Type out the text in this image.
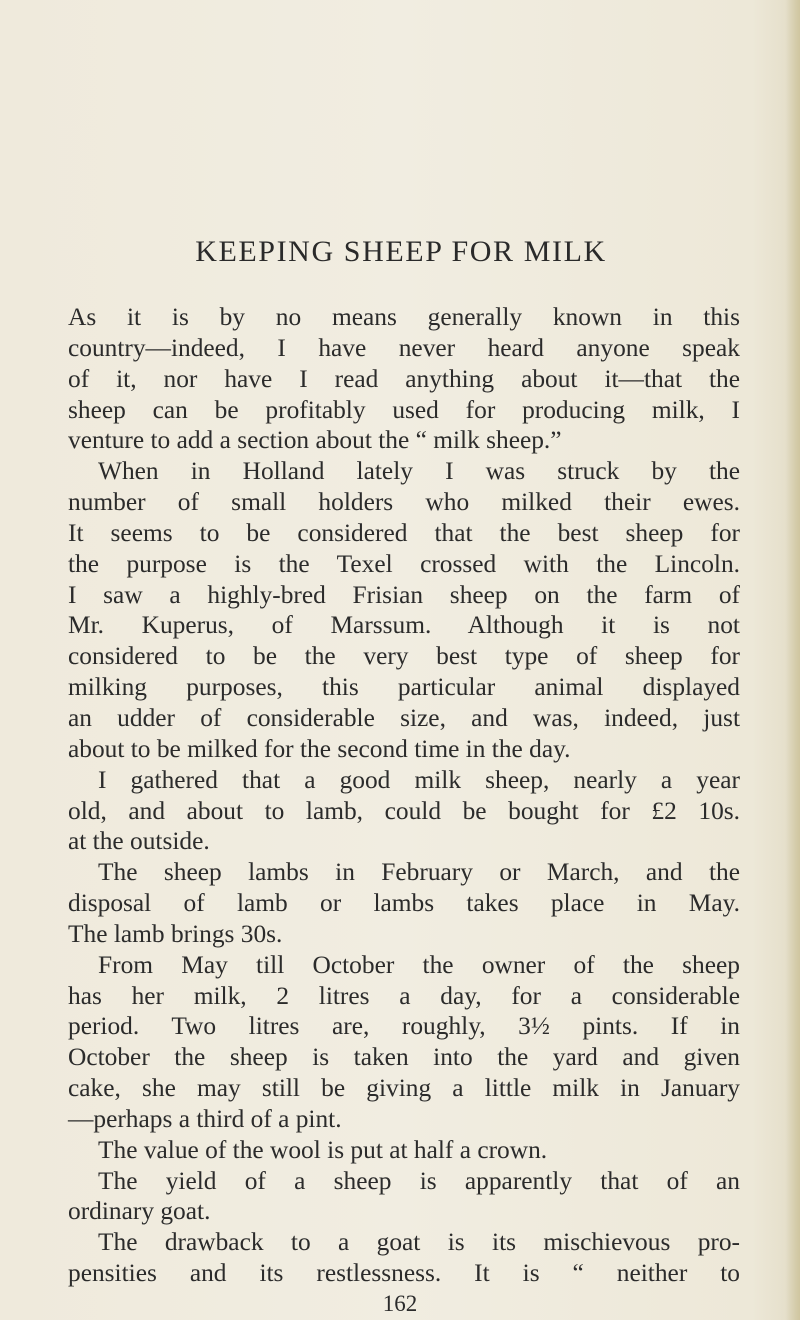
KEEPING SHEEP FOR MILK
As it is by no means generally known in this
country—indeed, I have never heard anyone speak
of it, nor have I read anything about it—that the
sheep can be profitably used for producing milk, I
venture to add a section about the “ milk sheep.”
When in Holland lately I was struck by the
number of small holders who milked their ewes.
It seems to be considered that the best sheep for
the purpose is the Texel crossed with the Lincoln.
I saw a highly-bred Frisian sheep on the farm of
Mr. Kuperus, of Marssum. Although it is not
considered to be the very best type of sheep for
milking purposes, this particular animal displayed
an udder of considerable size, and was, indeed, just
about to be milked for the second time in the day.
I gathered that a good milk sheep, nearly a year
old, and about to lamb, could be bought for £2 10s.
at the outside.
The sheep lambs in February or March, and the
disposal of lamb or lambs takes place in May.
The lamb brings 30s.
From May till October the owner of the sheep
has her milk, 2 litres a day, for a considerable
period. Two litres are, roughly, 3½ pints. If in
October the sheep is taken into the yard and given
cake, she may still be giving a little milk in January
—perhaps a third of a pint.
The value of the wool is put at half a crown.
The yield of a sheep is apparently that of an
ordinary goat.
The drawback to a goat is its mischievous pro-
pensities and its restlessness. It is “ neither to
162
